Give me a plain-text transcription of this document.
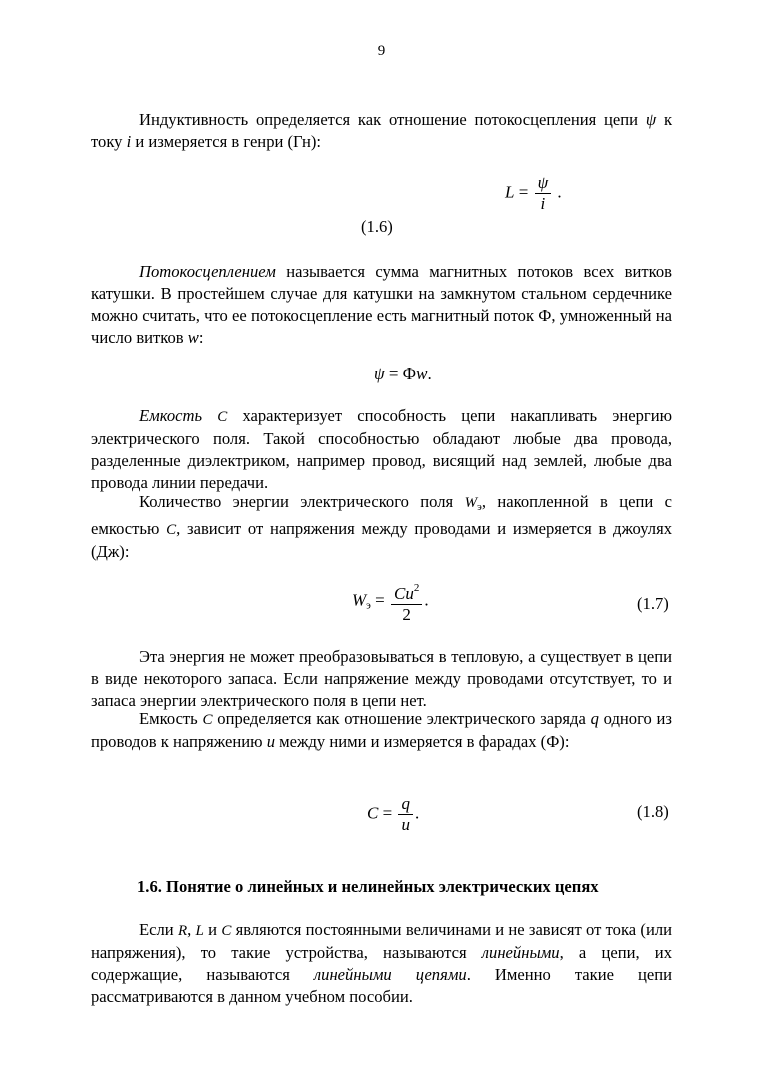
9

Индуктивность определяется как отношение потокосцепления цепи ψ к току i и измеряется в генри (Гн):

$L = \frac{\psi}{i}$ .
(1.6)

Потокосцеплением называется сумма магнитных потоков всех витков катушки. В простейшем случае для катушки на замкнутом стальном сердечнике можно считать, что ее потокосцепление есть магнитный поток Ф, умноженный на число витков w:

ψ = Фw.

Емкость C характеризует способность цепи накапливать энергию электрического поля. Такой способностью обладают любые два провода, разделенные диэлектриком, например провод, висящий над землей, любые два провода линии передачи.

Количество энергии электрического поля $W_э$, накопленной в цепи с емкостью C, зависит от напряжения между проводами и измеряется в джоулях (Дж):

$W_э = \frac{Cu^2}{2}$ .	(1.7)

Эта энергия не может преобразовываться в тепловую, а существует в цепи в виде некоторого запаса. Если напряжение между проводами отсутствует, то и запаса энергии электрического поля в цепи нет.

Емкость C определяется как отношение электрического заряда q одного из проводов к напряжению u между ними и измеряется в фарадах (Ф):

$C = \frac{q}{u}$ .	(1.8)
1.6. Понятие о линейных и нелинейных электрических цепях

Если R, L и C являются постоянными величинами и не зависят от тока (или напряжения), то такие устройства, называются линейными, а цепи, их содержащие, называются линейными цепями. Именно такие цепи рассматриваются в данном учебном пособии.
